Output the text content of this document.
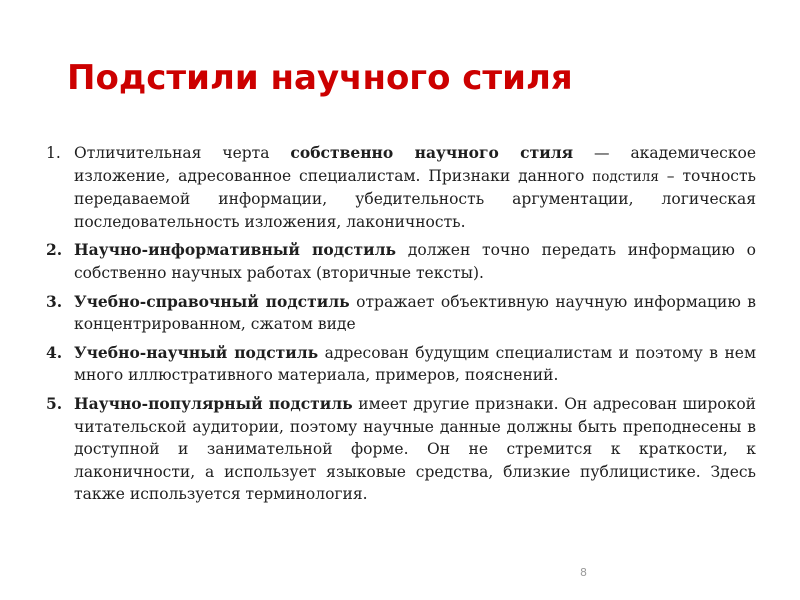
Подстили научного стиля
1. Отличительная черта собственно научного стиля — академическое изложение, адресованное специалистам. Признаки данного подстиля – точность передаваемой информации, убедительность аргументации, логическая последовательность изложения, лаконичность.
2. Научно-информативный подстиль должен точно передать информацию о собственно научных работах (вторичные тексты).
3. Учебно-справочный подстиль отражает объективную научную информацию в концентрированном, сжатом виде
4. Учебно-научный подстиль адресован будущим специалистам и поэтому в нем много иллюстративного материала, примеров, пояснений.
5. Научно-популярный подстиль имеет другие признаки. Он адресован широкой читательской аудитории, поэтому научные данные должны быть преподнесены в доступной и занимательной форме. Он не стремится к краткости, к лаконичности, а использует языковые средства, близкие публицистике. Здесь также используется терминология.
8
